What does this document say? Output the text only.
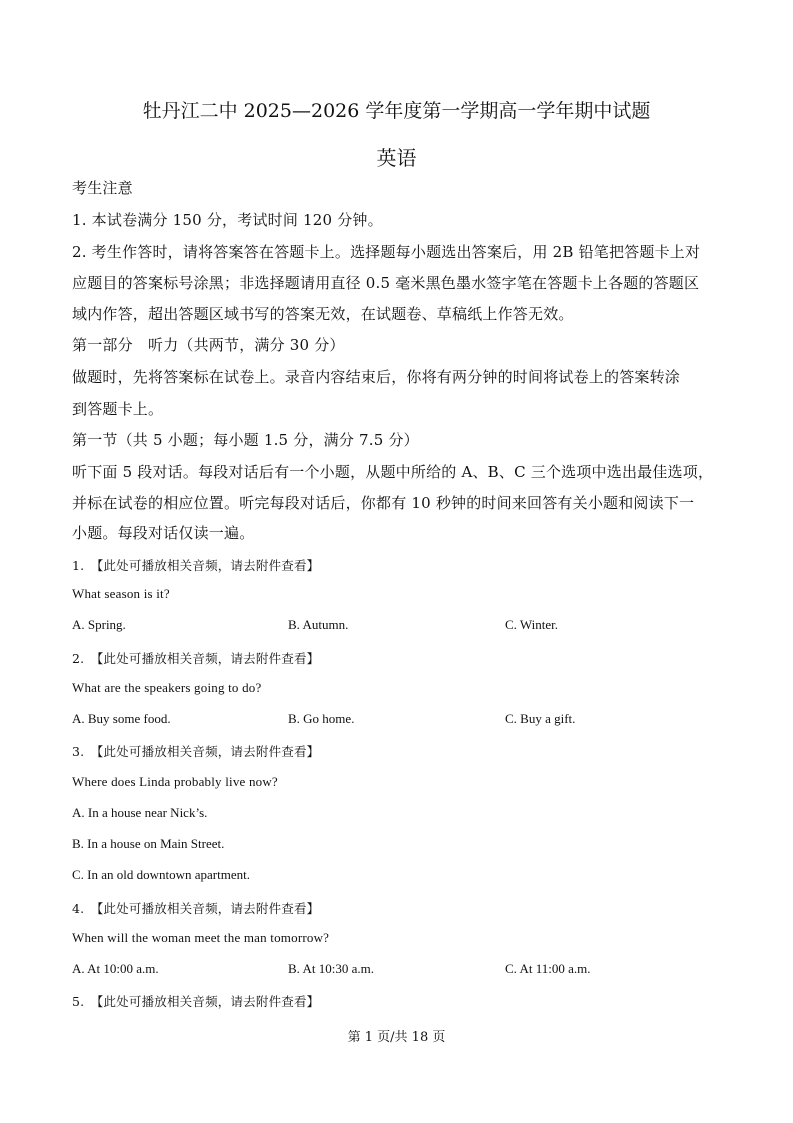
牡丹江二中 2025—2026 学年度第一学期高一学年期中试题
英语
考生注意
1. 本试卷满分 150 分，考试时间 120 分钟。
2. 考生作答时，请将答案答在答题卡上。选择题每小题选出答案后，用 2B 铅笔把答题卡上对
应题目的答案标号涂黑；非选择题请用直径 0.5 毫米黑色墨水签字笔在答题卡上各题的答题区
域内作答，超出答题区域书写的答案无效，在试题卷、草稿纸上作答无效。
第一部分　听力（共两节，满分 30 分）
做题时，先将答案标在试卷上。录音内容结束后，你将有两分钟的时间将试卷上的答案转涂
到答题卡上。
第一节（共 5 小题；每小题 1.5 分，满分 7.5 分）
听下面 5 段对话。每段对话后有一个小题，从题中所给的 A、B、C 三个选项中选出最佳选项，
并标在试卷的相应位置。听完每段对话后，你都有 10 秒钟的时间来回答有关小题和阅读下一
小题。每段对话仅读一遍。
1.　【此处可播放相关音频，请去附件查看】
What season is it?
A. Spring.	B. Autumn.	C. Winter.
2.　【此处可播放相关音频，请去附件查看】
What are the speakers going to do?
A. Buy some food.	B. Go home.	C. Buy a gift.
3.　【此处可播放相关音频，请去附件查看】
Where does Linda probably live now?
A. In a house near Nick’s.
B. In a house on Main Street.
C. In an old downtown apartment.
4.　【此处可播放相关音频，请去附件查看】
When will the woman meet the man tomorrow?
A. At 10:00 a.m.	B. At 10:30 a.m.	C. At 11:00 a.m.
5.　【此处可播放相关音频，请去附件查看】
第 1 页/共 18 页
